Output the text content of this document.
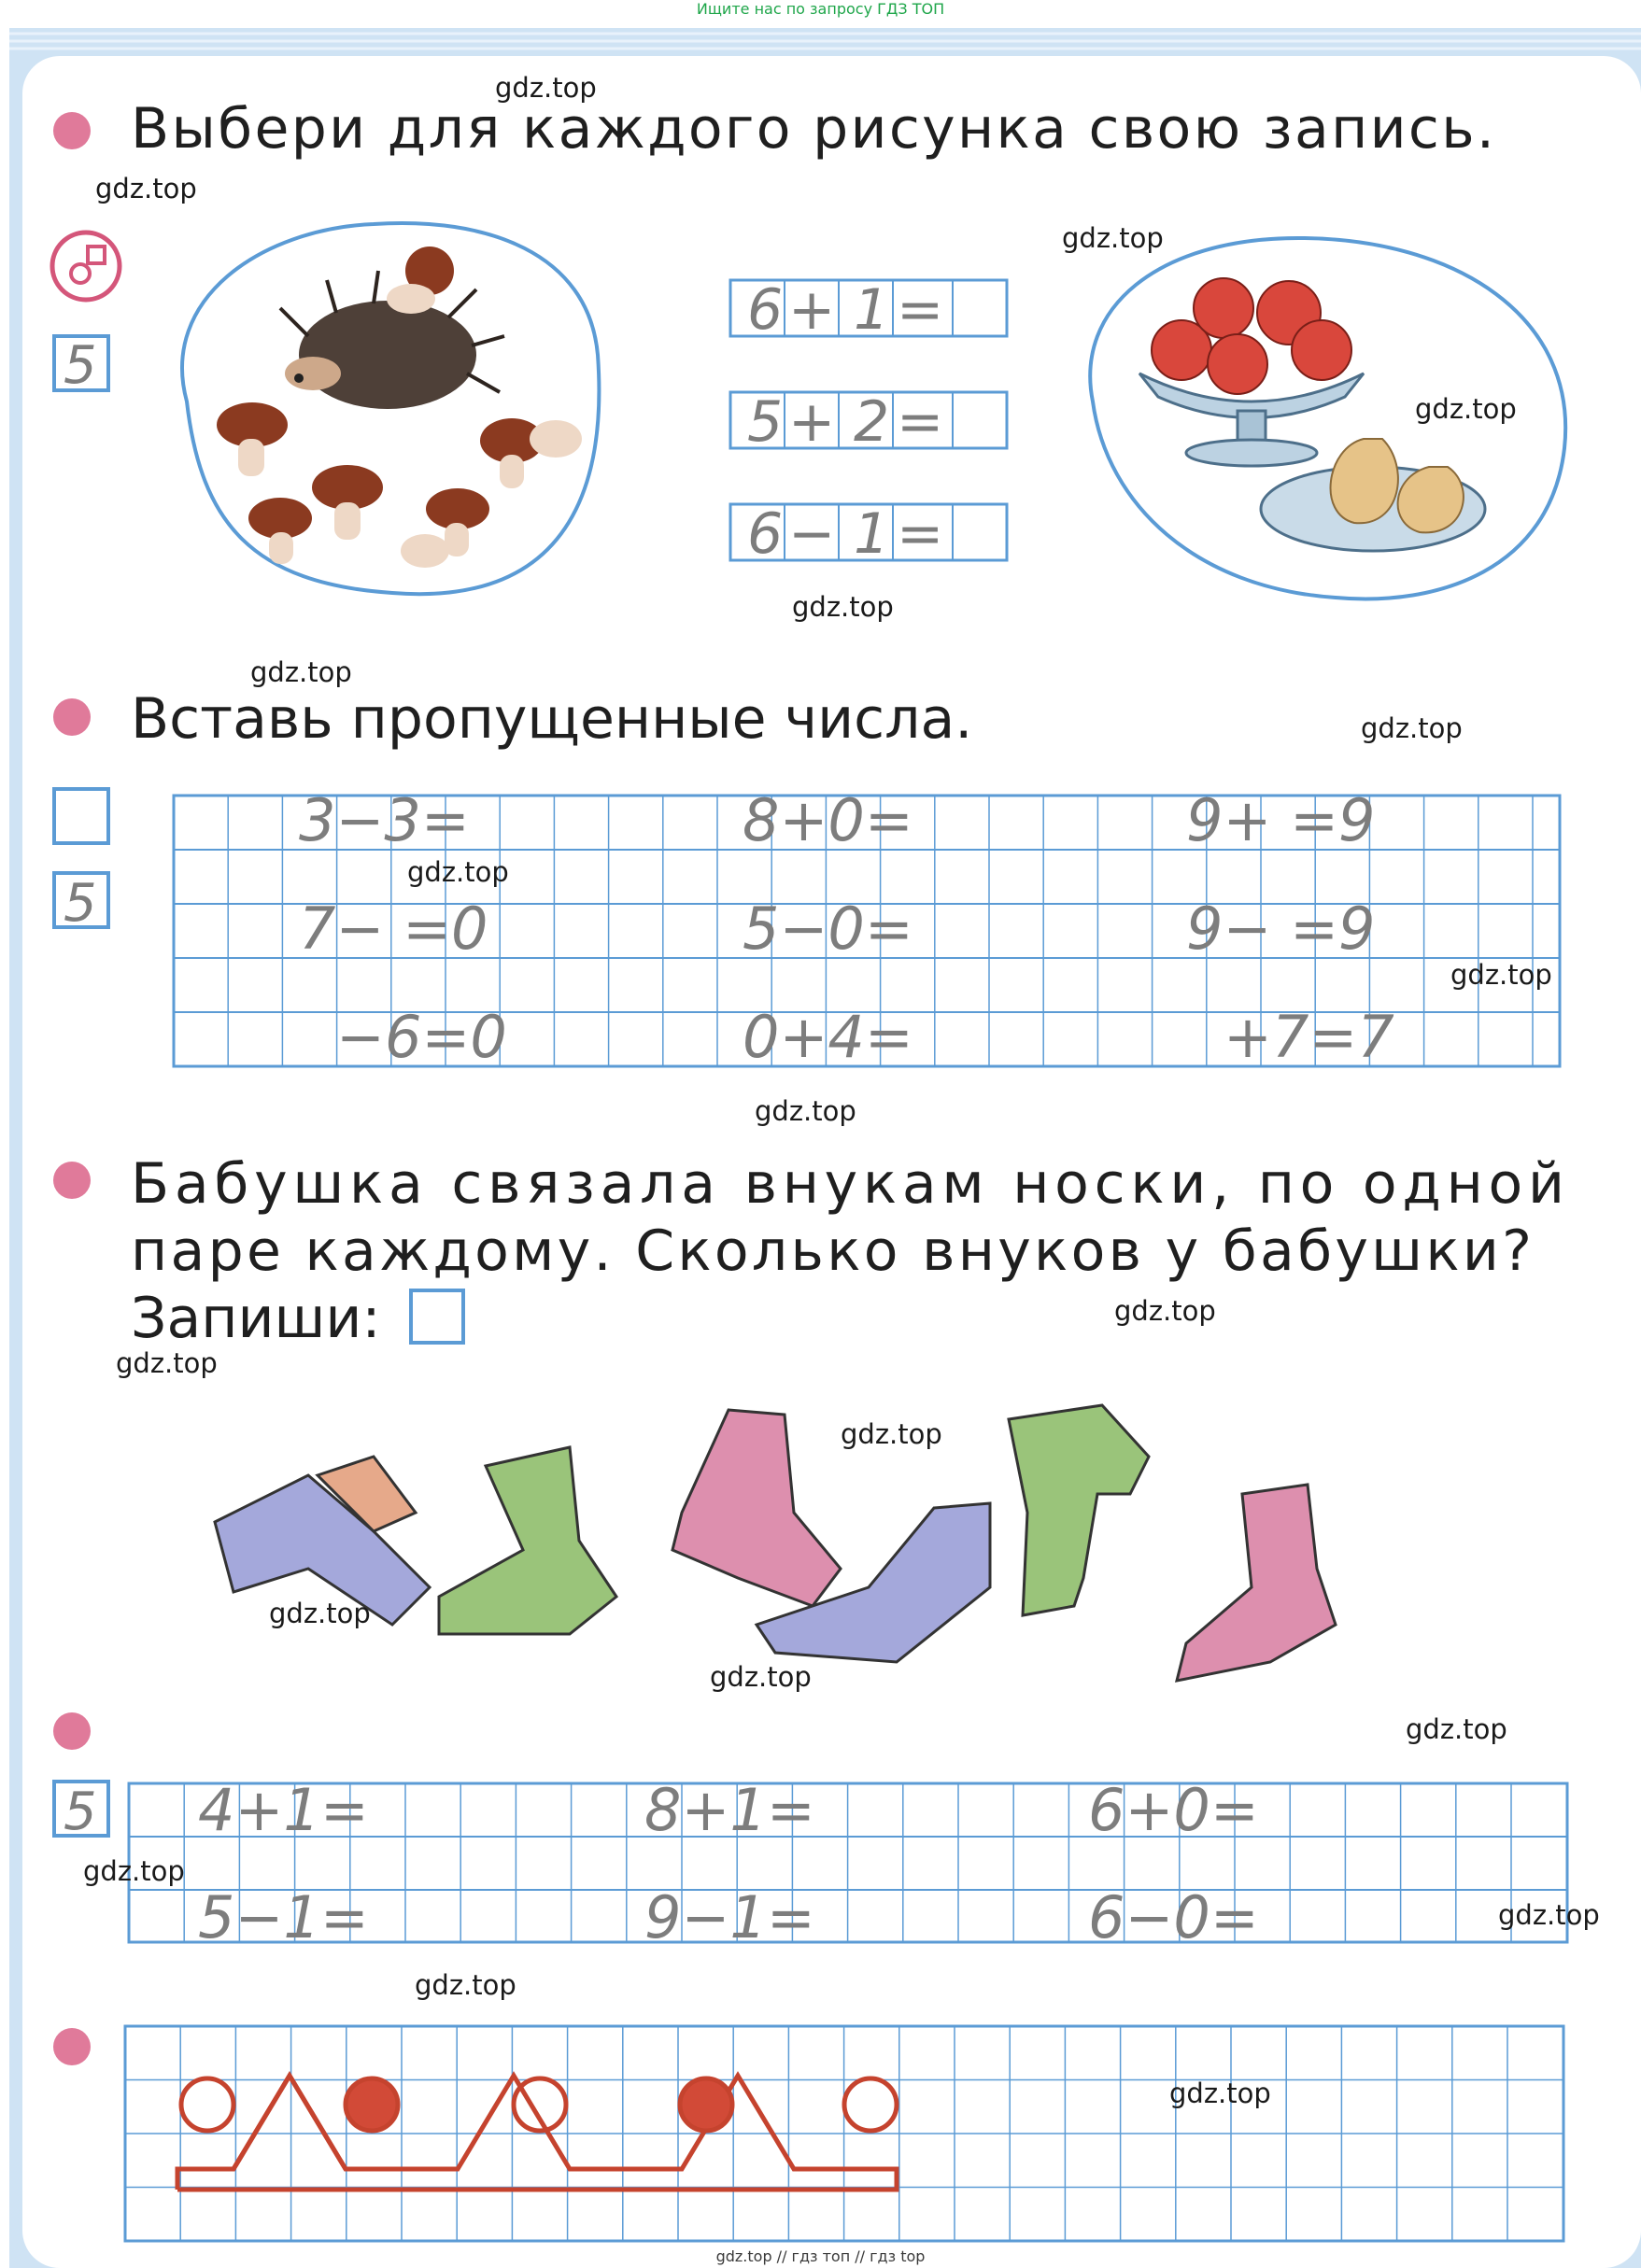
Ищите нас по запросу ГДЗ ТОП
Выбери для каждого рисунка свою запись.
5
6 + 1 =
5 + 2 =
6 − 1 =
Вставь пропущенные числа.
5
3−3=	8+0=	9+ =9
7− =0	5−0=	9− =9
−6=0	0+4=	+7=7
Бабушка связала внукам носки, по одной
паре каждому. Сколько внуков у бабушки?
Запиши:
5 4+1=	8+1=	6+0=
5−1=	9−1=	6−0=
gdz.top
gdz.top
gdz.top
gdz.top
gdz.top
gdz.top
gdz.top
gdz.top
gdz.top
gdz.top
gdz.top
gdz.top
gdz.top
gdz.top
gdz.top
gdz.top
gdz.top
gdz.top
gdz.top
gdz.top
gdz.top // гдз топ // гдз top
